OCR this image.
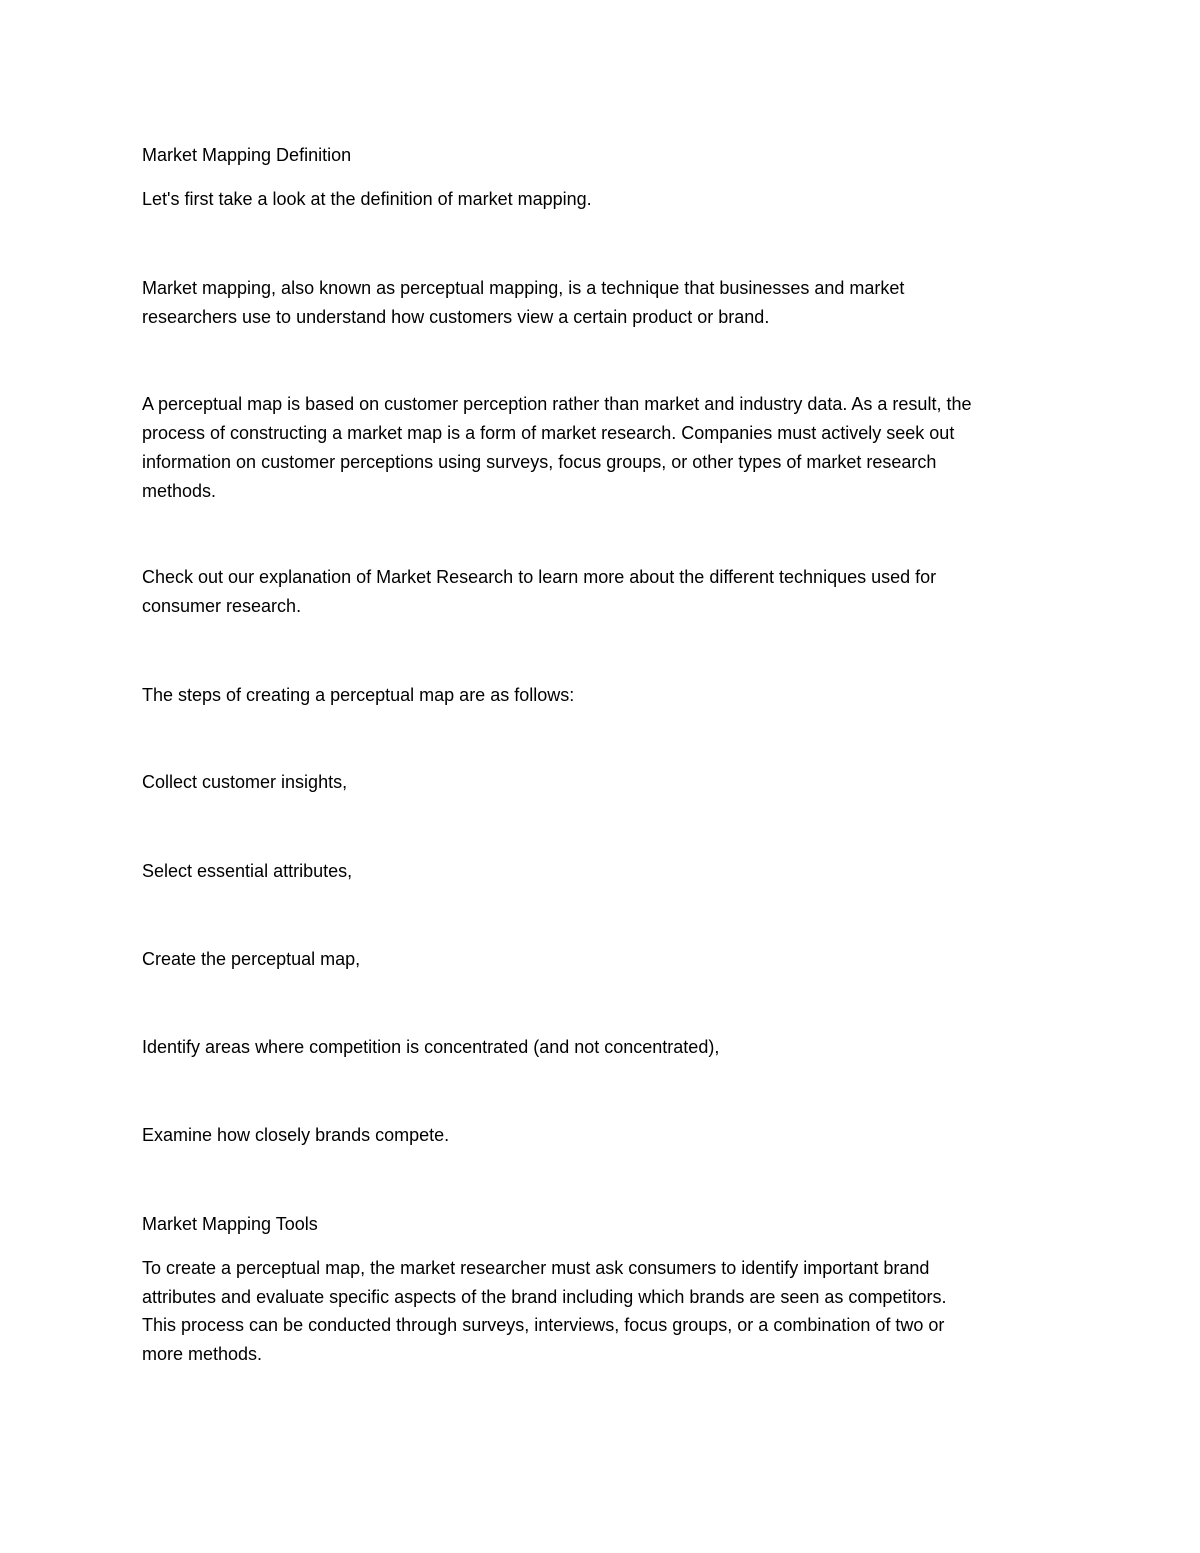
Market Mapping Definition

Let's first take a look at the definition of market mapping.

Market mapping, also known as perceptual mapping, is a technique that businesses and market

researchers use to understand how customers view a certain product or brand.

A perceptual map is based on customer perception rather than market and industry data. As a result, the

process of constructing a market map is a form of market research. Companies must actively seek out

information on customer perceptions using surveys, focus groups, or other types of market research

methods.

Check out our explanation of Market Research to learn more about the different techniques used for

consumer research.

The steps of creating a perceptual map are as follows:

Collect customer insights,

Select essential attributes,

Create the perceptual map,

Identify areas where competition is concentrated (and not concentrated),

Examine how closely brands compete.

Market Mapping Tools

To create a perceptual map, the market researcher must ask consumers to identify important brand

attributes and evaluate specific aspects of the brand including which brands are seen as competitors.

This process can be conducted through surveys, interviews, focus groups, or a combination of two or

more methods.
